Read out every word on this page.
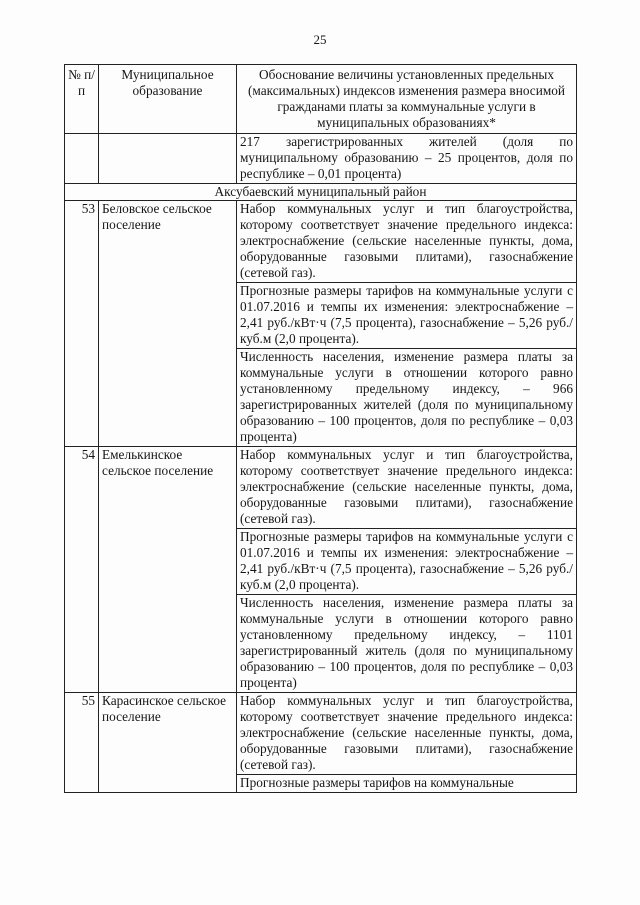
25
№ п/п	Муниципальное образование	Обоснование величины установленных предельных (максимальных) индексов изменения размера вносимой гражданами платы за коммунальные услуги в муниципальных образованиях*

		217 зарегистрированных жителей (доля по муниципальному образованию – 25 процентов, доля по республике – 0,01 процента)

Аксубаевский муниципальный район		
53	Беловское сельское поселение	Набор коммунальных услуг и тип благоустройства, которому соответствует значение предельного индекса: электроснабжение (сельские населенные пункты, дома, оборудованные газовыми плитами), газоснабжение (сетевой газ).
Прогнозные размеры тарифов на коммунальные услуги с 01.07.2016 и темпы их изменения: электроснабжение – 2,41 руб./кВт·ч (7,5 процента), газоснабжение – 5,26 руб./куб.м (2,0 процента).
Численность населения, изменение размера платы за коммунальные услуги в отношении которого равно установленному предельному индексу, – 966 зарегистрированных жителей (доля по муниципальному образованию – 100 процентов, доля по республике – 0,03 процента)

54	Емелькинское сельское поселение	Набор коммунальных услуг и тип благоустройства, которому соответствует значение предельного индекса: электроснабжение (сельские населенные пункты, дома, оборудованные газовыми плитами), газоснабжение (сетевой газ).
Прогнозные размеры тарифов на коммунальные услуги с 01.07.2016 и темпы их изменения: электроснабжение – 2,41 руб./кВт·ч (7,5 процента), газоснабжение – 5,26 руб./куб.м (2,0 процента).
Численность населения, изменение размера платы за коммунальные услуги в отношении которого равно установленному предельному индексу, – 1101 зарегистрированный житель (доля по муниципальному образованию – 100 процентов, доля по республике – 0,03 процента)

55	Карасинское сельское поселение	Набор коммунальных услуг и тип благоустройства, которому соответствует значение предельного индекса: электроснабжение (сельские населенные пункты, дома, оборудованные газовыми плитами), газоснабжение (сетевой газ).
Прогнозные размеры тарифов на коммунальные
